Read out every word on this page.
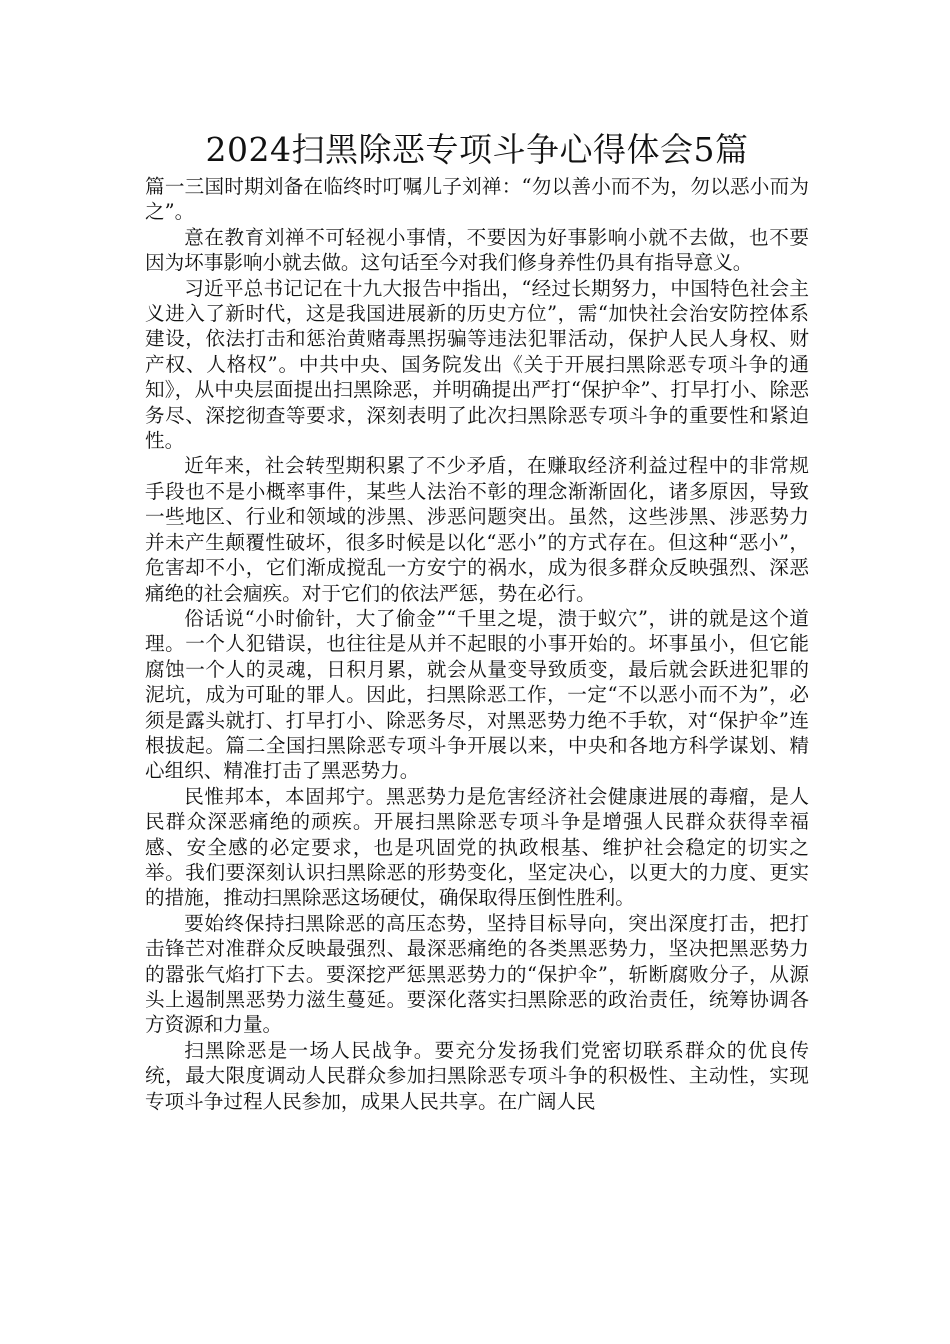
2024扫黑除恶专项斗争心得体会5篇

篇一三国时期刘备在临终时叮嘱儿子刘禅：“勿以善小而不为，勿以恶小而为之”。

意在教育刘禅不可轻视小事情，不要因为好事影响小就不去做，也不要因为坏事影响小就去做。这句话至今对我们修身养性仍具有指导意义。

习近平总书记记在十九大报告中指出，“经过长期努力，中国特色社会主义进入了新时代，这是我国进展新的历史方位”，需“加快社会治安防控体系建设，依法打击和惩治黄赌毒黑拐骗等违法犯罪活动，保护人民人身权、财产权、人格权”。中共中央、国务院发出《关于开展扫黑除恶专项斗争的通知》，从中央层面提出扫黑除恶，并明确提出严打“保护伞”、打早打小、除恶务尽、深挖彻查等要求，深刻表明了此次扫黑除恶专项斗争的重要性和紧迫性。

近年来，社会转型期积累了不少矛盾，在赚取经济利益过程中的非常规手段也不是小概率事件，某些人法治不彰的理念渐渐固化，诸多原因，导致一些地区、行业和领域的涉黑、涉恶问题突出。虽然，这些涉黑、涉恶势力并未产生颠覆性破坏，很多时候是以化“恶小”的方式存在。但这种“恶小”，危害却不小，它们渐成搅乱一方安宁的祸水，成为很多群众反映强烈、深恶痛绝的社会痼疾。对于它们的依法严惩，势在必行。

俗话说“小时偷针，大了偷金”“千里之堤，溃于蚁穴”，讲的就是这个道理。一个人犯错误，也往往是从并不起眼的小事开始的。坏事虽小，但它能腐蚀一个人的灵魂，日积月累，就会从量变导致质变，最后就会跃进犯罪的泥坑，成为可耻的罪人。因此，扫黑除恶工作，一定“不以恶小而不为”，必须是露头就打、打早打小、除恶务尽，对黑恶势力绝不手软，对“保护伞”连根拔起。篇二全国扫黑除恶专项斗争开展以来，中央和各地方科学谋划、精心组织、精准打击了黑恶势力。

民惟邦本，本固邦宁。黑恶势力是危害经济社会健康进展的毒瘤，是人民群众深恶痛绝的顽疾。开展扫黑除恶专项斗争是增强人民群众获得幸福感、安全感的必定要求，也是巩固党的执政根基、维护社会稳定的切实之举。我们要深刻认识扫黑除恶的形势变化，坚定决心，以更大的力度、更实的措施，推动扫黑除恶这场硬仗，确保取得压倒性胜利。

要始终保持扫黑除恶的高压态势，坚持目标导向，突出深度打击，把打击锋芒对准群众反映最强烈、最深恶痛绝的各类黑恶势力，坚决把黑恶势力的嚣张气焰打下去。要深挖严惩黑恶势力的“保护伞”，斩断腐败分子，从源头上遏制黑恶势力滋生蔓延。要深化落实扫黑除恶的政治责任，统筹协调各方资源和力量。

扫黑除恶是一场人民战争。要充分发扬我们党密切联系群众的优良传统，最大限度调动人民群众参加扫黑除恶专项斗争的积极性、主动性，实现专项斗争过程人民参加，成果人民共享。在广阔人民
